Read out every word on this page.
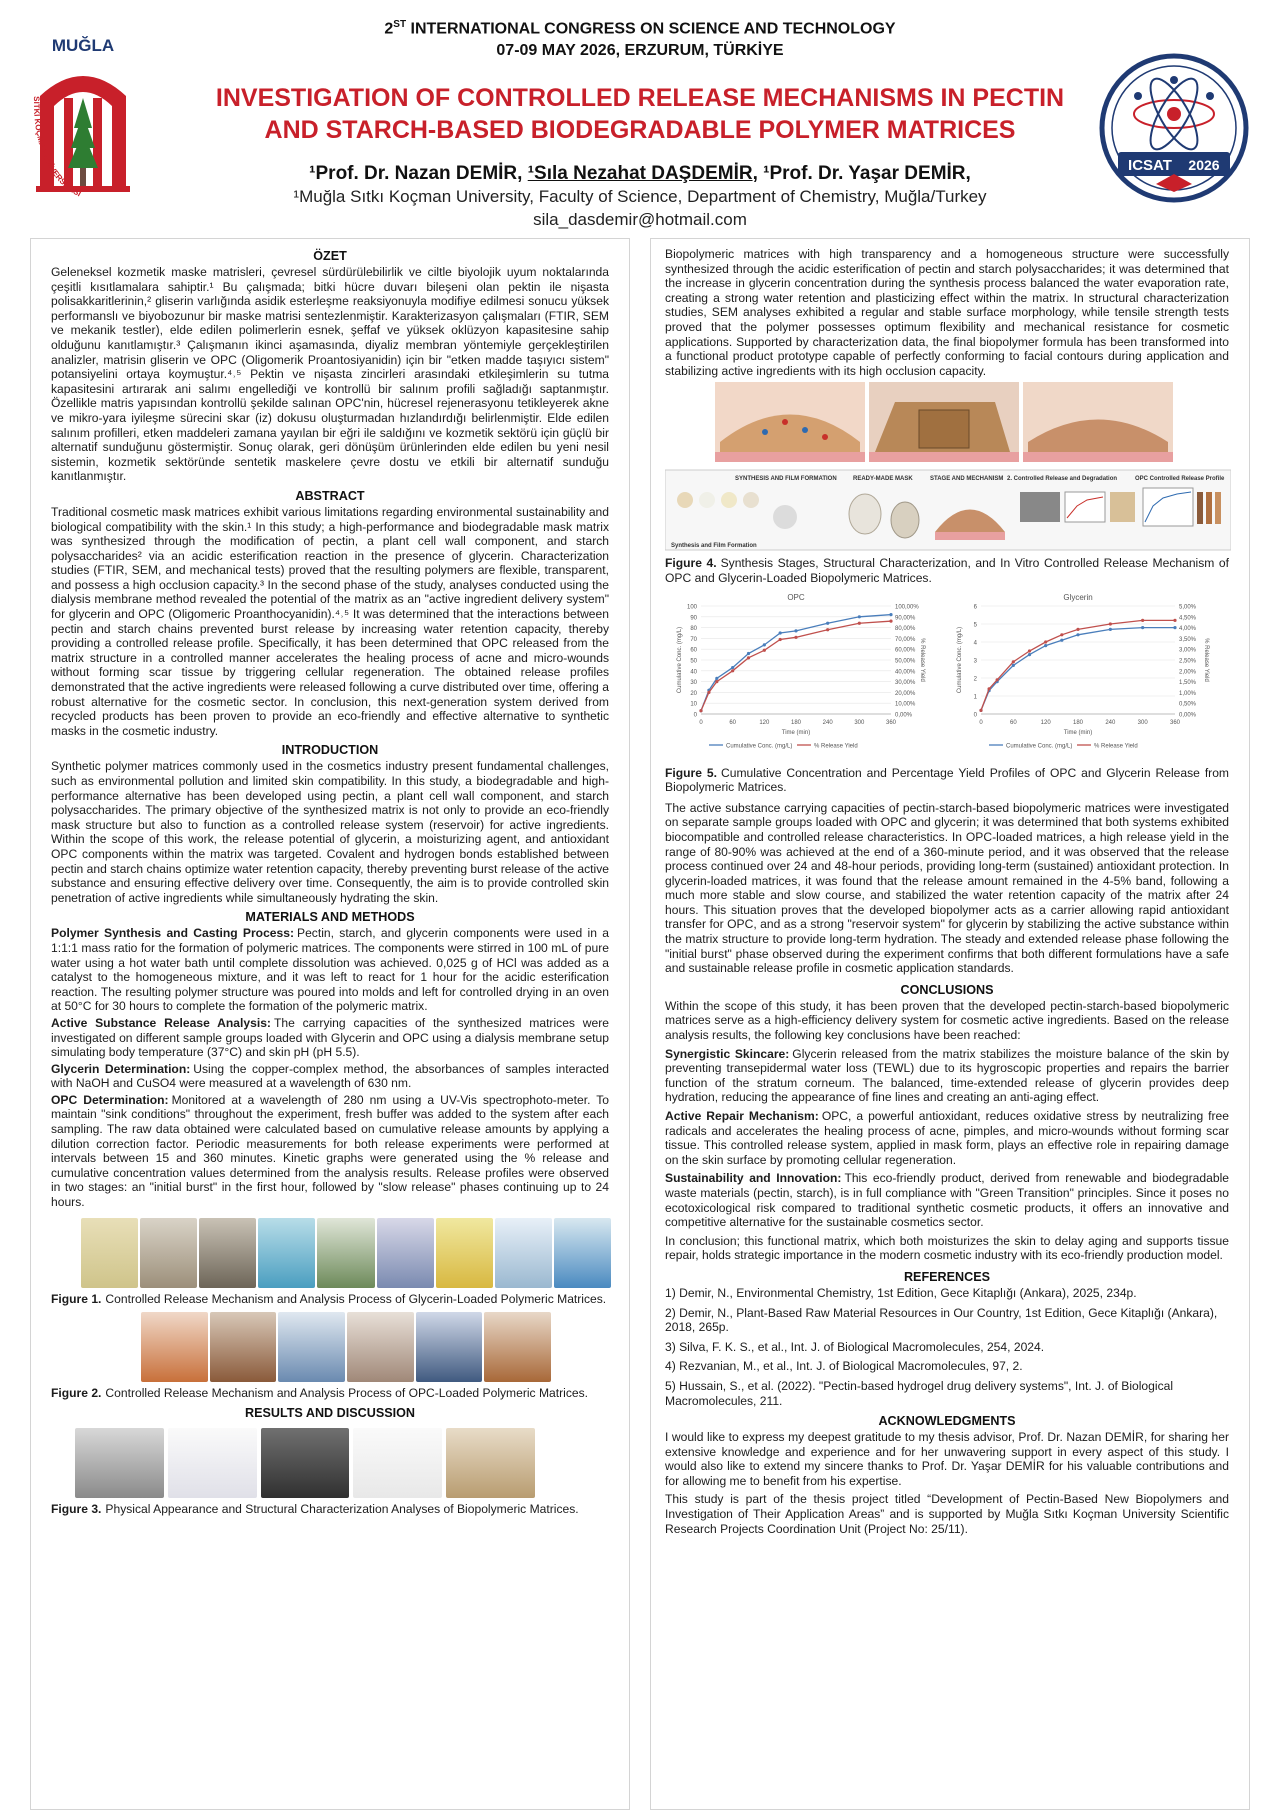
MUĞLA
SITKI KOÇMAN ÜNİVERSİTESİ
2ST INTERNATIONAL CONGRESS ON SCIENCE AND TECHNOLOGY
07-09 MAY 2026, ERZURUM, TÜRKİYE
INVESTIGATION OF CONTROLLED RELEASE MECHANISMS IN PECTIN
AND STARCH-BASED BIODEGRADABLE POLYMER MATRICES
¹Prof. Dr. Nazan DEMİR, ¹Sıla Nezahat DAŞDEMİR, ¹Prof. Dr. Yaşar DEMİR,
¹Muğla Sıtkı Koçman University, Faculty of Science, Department of Chemistry, Muğla/Turkey
sila_dasdemir@hotmail.com
ICSAT 2026
ÖZET
Geleneksel kozmetik maske matrisleri, çevresel sürdürülebilirlik ve ciltle biyolojik uyum noktalarında çeşitli kısıtlamalara sahiptir.¹ Bu çalışmada; bitki hücre duvarı bileşeni olan pektin ile nişasta polisakkaritlerinin,² gliserin varlığında asidik esterleşme reaksiyonuyla modifiye edilmesi sonucu yüksek performanslı ve biyobozunur bir maske matrisi sentezlenmiştir. Karakterizasyon çalışmaları (FTIR, SEM ve mekanik testler), elde edilen polimerlerin esnek, şeffaf ve yüksek oklüzyon kapasitesine sahip olduğunu kanıtlamıştır.³ Çalışmanın ikinci aşamasında, diyaliz membran yöntemiyle gerçekleştirilen analizler, matrisin gliserin ve OPC (Oligomerik Proantosiyanidin) için bir "etken madde taşıyıcı sistem" potansiyelini ortaya koymuştur.⁴˒⁵ Pektin ve nişasta zincirleri arasındaki etkileşimlerin su tutma kapasitesini artırarak ani salımı engellediği ve kontrollü bir salınım profili sağladığı saptanmıştır. Özellikle matris yapısından kontrollü şekilde salınan OPC'nin, hücresel rejenerasyonu tetikleyerek akne ve mikro-yara iyileşme sürecini skar (iz) dokusu oluşturmadan hızlandırdığı belirlenmiştir. Elde edilen salınım profilleri, etken maddeleri zamana yayılan bir eğri ile saldığını ve kozmetik sektörü için güçlü bir alternatif sunduğunu göstermiştir. Sonuç olarak, geri dönüşüm ürünlerinden elde edilen bu yeni nesil sistemin, kozmetik sektöründe sentetik maskelere çevre dostu ve etkili bir alternatif sunduğu kanıtlanmıştır.
ABSTRACT
Traditional cosmetic mask matrices exhibit various limitations regarding environmental sustainability and biological compatibility with the skin.¹ In this study; a high-performance and biodegradable mask matrix was synthesized through the modification of pectin, a plant cell wall component, and starch polysaccharides² via an acidic esterification reaction in the presence of glycerin. Characterization studies (FTIR, SEM, and mechanical tests) proved that the resulting polymers are flexible, transparent, and possess a high occlusion capacity.³ In the second phase of the study, analyses conducted using the dialysis membrane method revealed the potential of the matrix as an "active ingredient delivery system" for glycerin and OPC (Oligomeric Proanthocyanidin).⁴˒⁵ It was determined that the interactions between pectin and starch chains prevented burst release by increasing water retention capacity, thereby providing a controlled release profile. Specifically, it has been determined that OPC released from the matrix structure in a controlled manner accelerates the healing process of acne and micro-wounds without forming scar tissue by triggering cellular regeneration. The obtained release profiles demonstrated that the active ingredients were released following a curve distributed over time, offering a robust alternative for the cosmetic sector. In conclusion, this next-generation system derived from recycled products has been proven to provide an eco-friendly and effective alternative to synthetic masks in the cosmetic industry.
INTRODUCTION
Synthetic polymer matrices commonly used in the cosmetics industry present fundamental challenges, such as environmental pollution and limited skin compatibility. In this study, a biodegradable and high-performance alternative has been developed using pectin, a plant cell wall component, and starch polysaccharides. The primary objective of the synthesized matrix is not only to provide an eco-friendly mask structure but also to function as a controlled release system (reservoir) for active ingredients. Within the scope of this work, the release potential of glycerin, a moisturizing agent, and antioxidant OPC components within the matrix was targeted. Covalent and hydrogen bonds established between pectin and starch chains optimize water retention capacity, thereby preventing burst release of the active substance and ensuring effective delivery over time. Consequently, the aim is to provide controlled skin penetration of active ingredients while simultaneously hydrating the skin.
MATERIALS AND METHODS
Polymer Synthesis and Casting Process: Pectin, starch, and glycerin components were used in a 1:1:1 mass ratio for the formation of polymeric matrices. The components were stirred in 100 mL of pure water using a hot water bath until complete dissolution was achieved. 0,025 g of HCl was added as a catalyst to the homogeneous mixture, and it was left to react for 1 hour for the acidic esterification reaction. The resulting polymer structure was poured into molds and left for controlled drying in an oven at 50°C for 30 hours to complete the formation of the polymeric matrix.
Active Substance Release Analysis: The carrying capacities of the synthesized matrices were investigated on different sample groups loaded with Glycerin and OPC using a dialysis membrane setup simulating body temperature (37°C) and skin pH (pH 5.5).
Glycerin Determination: Using the copper-complex method, the absorbances of samples interacted with NaOH and CuSO4 were measured at a wavelength of 630 nm.
OPC Determination: Monitored at a wavelength of 280 nm using a UV-Vis spectrophoto-meter. To maintain "sink conditions" throughout the experiment, fresh buffer was added to the system after each sampling. The raw data obtained were calculated based on cumulative release amounts by applying a dilution correction factor. Periodic measurements for both release experiments were performed at intervals between 15 and 360 minutes. Kinetic graphs were generated using the % release and cumulative concentration values determined from the analysis results. Release profiles were observed in two stages: an "initial burst" in the first hour, followed by "slow release" phases continuing up to 24 hours.
Figure 1. Controlled Release Mechanism and Analysis Process of Glycerin-Loaded Polymeric Matrices.
Figure 2. Controlled Release Mechanism and Analysis Process of OPC-Loaded Polymeric Matrices.
RESULTS AND DISCUSSION
Figure 3. Physical Appearance and Structural Characterization Analyses of Biopolymeric Matrices.
Biopolymeric matrices with high transparency and a homogeneous structure were successfully synthesized through the acidic esterification of pectin and starch polysaccharides; it was determined that the increase in glycerin concentration during the synthesis process balanced the water evaporation rate, creating a strong water retention and plasticizing effect within the matrix. In structural characterization studies, SEM analyses exhibited a regular and stable surface morphology, while tensile strength tests proved that the polymer possesses optimum flexibility and mechanical resistance for cosmetic applications. Supported by characterization data, the final biopolymer formula has been transformed into a functional product prototype capable of perfectly conforming to facial contours during application and stabilizing active ingredients with its high occlusion capacity.
SYNTHESIS AND FILM FORMATION	READY-MADE MASK	STAGE AND MECHANISM 2. Controlled Release and Degradation	OPC Controlled Release Profile
Synthesis and Film Formation
Figure 4. Synthesis Stages, Structural Characterization, and In Vitro Controlled Release Mechanism of OPC and Glycerin-Loaded Biopolymeric Matrices.
OPC
0
10
20
30
40
50
60
70
80
90
100
0,00%
10,00%
20,00%
30,00%
40,00%
50,00%
60,00%
70,00%
80,00%
90,00%
100,00%
0	60	120	180	240	300	360
Time (min)
Cumulative Conc. (mg/L)	% Release Yield
Cumulative Conc. (mg/L)	% Release Yield
Glycerin
0
1
2
3
4
5
6
0,00%
0,50%
1,00%
1,50%
2,00%
2,50%
3,00%
3,50%
4,00%
4,50%
5,00%
0	60	120	180	240	300	360
Time (min)
Cumulative Conc. (mg/L)	% Release Yield
Cumulative Conc. (mg/L)	% Release Yield
Figure 5. Cumulative Concentration and Percentage Yield Profiles of OPC and Glycerin Release from Biopolymeric Matrices.
The active substance carrying capacities of pectin-starch-based biopolymeric matrices were investigated on separate sample groups loaded with OPC and glycerin; it was determined that both systems exhibited biocompatible and controlled release characteristics. In OPC-loaded matrices, a high release yield in the range of 80-90% was achieved at the end of a 360-minute period, and it was observed that the release process continued over 24 and 48-hour periods, providing long-term (sustained) antioxidant protection. In glycerin-loaded matrices, it was found that the release amount remained in the 4-5% band, following a much more stable and slow course, and stabilized the water retention capacity of the matrix after 24 hours. This situation proves that the developed biopolymer acts as a carrier allowing rapid antioxidant transfer for OPC, and as a strong "reservoir system" for glycerin by stabilizing the active substance within the matrix structure to provide long-term hydration. The steady and extended release phase following the "initial burst" phase observed during the experiment confirms that both different formulations have a safe and sustainable release profile in cosmetic application standards.
CONCLUSIONS
Within the scope of this study, it has been proven that the developed pectin-starch-based biopolymeric matrices serve as a high-efficiency delivery system for cosmetic active ingredients. Based on the release analysis results, the following key conclusions have been reached:
Synergistic Skincare: Glycerin released from the matrix stabilizes the moisture balance of the skin by preventing transepidermal water loss (TEWL) due to its hygroscopic properties and repairs the barrier function of the stratum corneum. The balanced, time-extended release of glycerin provides deep hydration, reducing the appearance of fine lines and creating an anti-aging effect.
Active Repair Mechanism: OPC, a powerful antioxidant, reduces oxidative stress by neutralizing free radicals and accelerates the healing process of acne, pimples, and micro-wounds without forming scar tissue. This controlled release system, applied in mask form, plays an effective role in repairing damage on the skin surface by promoting cellular regeneration.
Sustainability and Innovation: This eco-friendly product, derived from renewable and biodegradable waste materials (pectin, starch), is in full compliance with "Green Transition" principles. Since it poses no ecotoxicological risk compared to traditional synthetic cosmetic products, it offers an innovative and competitive alternative for the sustainable cosmetics sector.
In conclusion; this functional matrix, which both moisturizes the skin to delay aging and supports tissue repair, holds strategic importance in the modern cosmetic industry with its eco-friendly production model.
REFERENCES
1) Demir, N., Environmental Chemistry, 1st Edition, Gece Kitaplığı (Ankara), 2025, 234p.
2) Demir, N., Plant-Based Raw Material Resources in Our Country, 1st Edition, Gece Kitaplığı (Ankara), 2018, 265p.
3) Silva, F. K. S., et al., Int. J. of Biological Macromolecules, 254, 2024.
4) Rezvanian, M., et al., Int. J. of Biological Macromolecules, 97, 2.
5) Hussain, S., et al. (2022). "Pectin-based hydrogel drug delivery systems", Int. J. of Biological Macromolecules, 211.
ACKNOWLEDGMENTS
I would like to express my deepest gratitude to my thesis advisor, Prof. Dr. Nazan DEMİR, for sharing her extensive knowledge and experience and for her unwavering support in every aspect of this study. I would also like to extend my sincere thanks to Prof. Dr. Yaşar DEMİR for his valuable contributions and for allowing me to benefit from his expertise.
This study is part of the thesis project titled “Development of Pectin-Based New Biopolymers and Investigation of Their Application Areas” and is supported by Muğla Sıtkı Koçman University Scientific Research Projects Coordination Unit (Project No: 25/11).
